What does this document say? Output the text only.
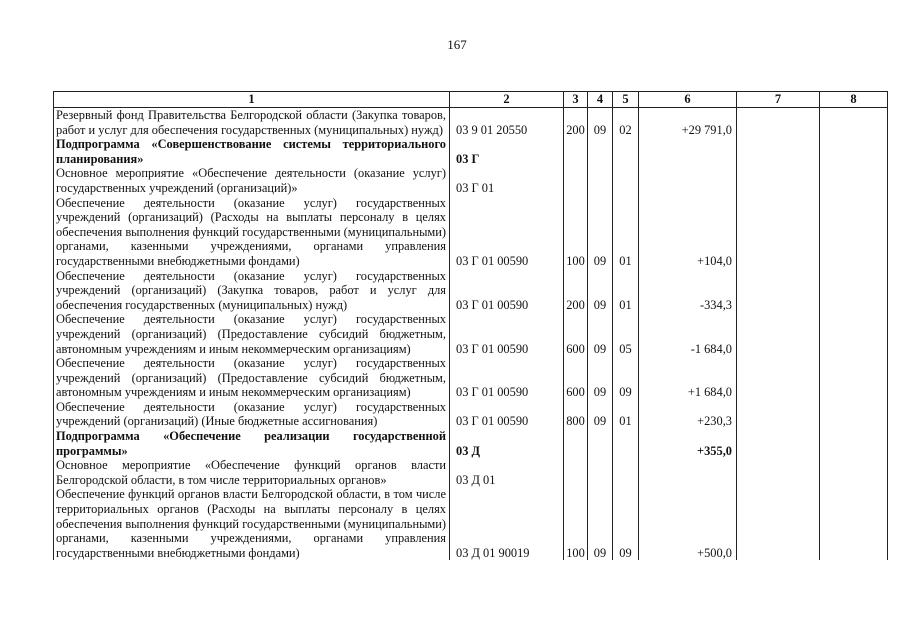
167
1	2	3	4	5	6	7	8
Резервный фонд Правительства Белгородской области (Закупка товаров, работ и услуг для обеспечения государственных (муниципальных) нужд)	03 9 01 20550	200	09	02	+29 791,0		
Подпрограмма «Совершенствование системы территориального планирования»	03 Г						
Основное мероприятие «Обеспечение деятельности (оказание услуг) государственных учреждений (организаций)»	03 Г 01						
Обеспечение деятельности (оказание услуг) государственных учреждений (организаций) (Расходы на выплаты персоналу в целях обеспечения выполнения функций государственными (муниципальными) органами, казенными учреждениями, органами управления государственными внебюджетными фондами)	03 Г 01 00590	100	09	01	+104,0		
Обеспечение деятельности (оказание услуг) государственных учреждений (организаций) (Закупка товаров, работ и услуг для обеспечения государственных (муниципальных) нужд)	03 Г 01 00590	200	09	01	-334,3		
Обеспечение деятельности (оказание услуг) государственных учреждений (организаций) (Предоставление субсидий бюджетным, автономным учреждениям и иным некоммерческим организациям)	03 Г 01 00590	600	09	05	-1 684,0		
Обеспечение деятельности (оказание услуг) государственных учреждений (организаций) (Предоставление субсидий бюджетным, автономным учреждениям и иным некоммерческим организациям)	03 Г 01 00590	600	09	09	+1 684,0		
Обеспечение деятельности (оказание услуг) государственных учреждений (организаций) (Иные бюджетные ассигнования)	03 Г 01 00590	800	09	01	+230,3		
Подпрограмма «Обеспечение реализации государственной программы»	03 Д				+355,0		
Основное мероприятие «Обеспечение функций органов власти Белгородской области, в том числе территориальных органов»	03 Д 01						
Обеспечение функций органов власти Белгородской области, в том числе территориальных органов (Расходы на выплаты персоналу в целях обеспечения выполнения функций государственными (муниципальными) органами, казенными учреждениями, органами управления государственными внебюджетными фондами)	03 Д 01 90019	100	09	09	+500,0		
